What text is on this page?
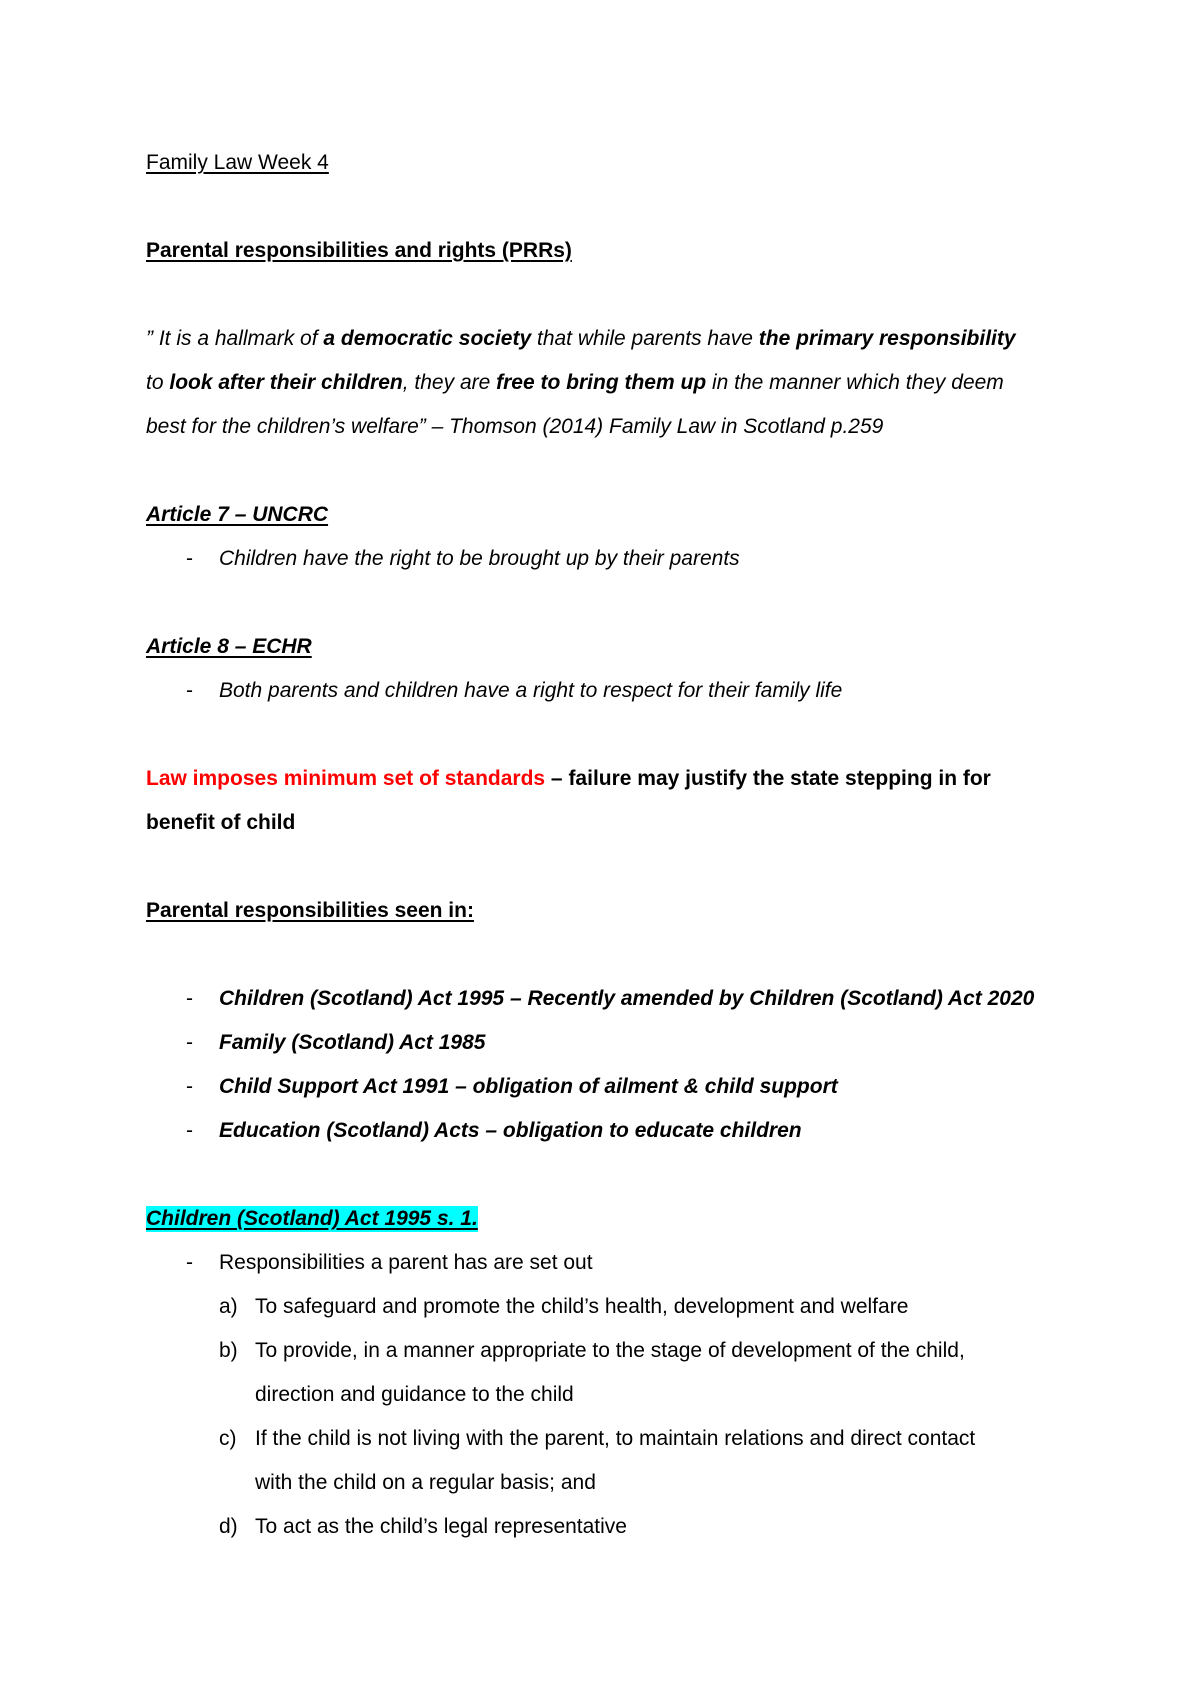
Family Law Week 4
Parental responsibilities and rights (PRRs)
” It is a hallmark of a democratic society that while parents have the primary responsibility
to look after their children, they are free to bring them up in the manner which they deem
best for the children’s welfare” – Thomson (2014) Family Law in Scotland p.259
Article 7 – UNCRC
- Children have the right to be brought up by their parents
Article 8 – ECHR
- Both parents and children have a right to respect for their family life
Law imposes minimum set of standards – failure may justify the state stepping in for
benefit of child
Parental responsibilities seen in:
- Children (Scotland) Act 1995 – Recently amended by Children (Scotland) Act 2020
- Family (Scotland) Act 1985
- Child Support Act 1991 – obligation of ailment & child support
- Education (Scotland) Acts – obligation to educate children
Children (Scotland) Act 1995 s. 1.
- Responsibilities a parent has are set out
a) To safeguard and promote the child’s health, development and welfare
b) To provide, in a manner appropriate to the stage of development of the child,
direction and guidance to the child
c) If the child is not living with the parent, to maintain relations and direct contact
with the child on a regular basis; and
d) To act as the child’s legal representative
